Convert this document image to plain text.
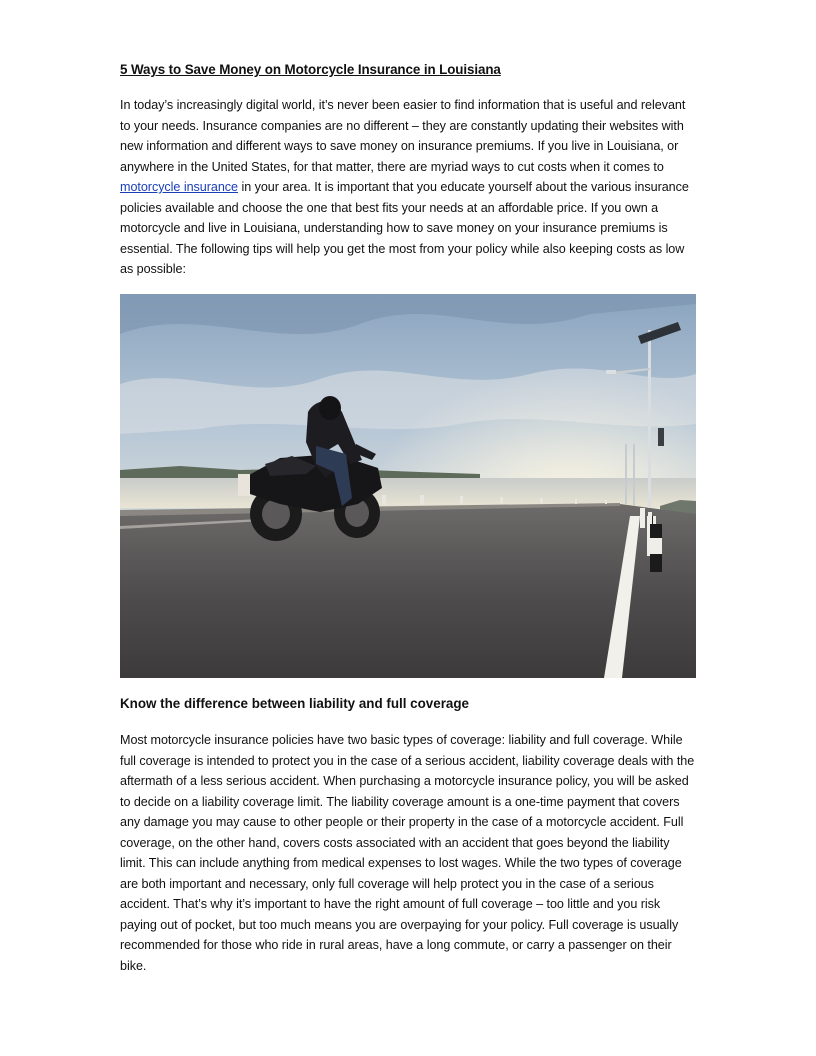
5 Ways to Save Money on Motorcycle Insurance in Louisiana

In today’s increasingly digital world, it’s never been easier to find information that is useful and relevant to your needs. Insurance companies are no different – they are constantly updating their websites with new information and different ways to save money on insurance premiums. If you live in Louisiana, or anywhere in the United States, for that matter, there are myriad ways to cut costs when it comes to motorcycle insurance in your area. It is important that you educate yourself about the various insurance policies available and choose the one that best fits your needs at an affordable price. If you own a motorcycle and live in Louisiana, understanding how to save money on your insurance premiums is essential. The following tips will help you get the most from your policy while also keeping costs as low as possible:

Know the difference between liability and full coverage

Most motorcycle insurance policies have two basic types of coverage: liability and full coverage. While full coverage is intended to protect you in the case of a serious accident, liability coverage deals with the aftermath of a less serious accident. When purchasing a motorcycle insurance policy, you will be asked to decide on a liability coverage limit. The liability coverage amount is a one-time payment that covers any damage you may cause to other people or their property in the case of a motorcycle accident. Full coverage, on the other hand, covers costs associated with an accident that goes beyond the liability limit. This can include anything from medical expenses to lost wages. While the two types of coverage are both important and necessary, only full coverage will help protect you in the case of a serious accident. That’s why it’s important to have the right amount of full coverage – too little and you risk paying out of pocket, but too much means you are overpaying for your policy. Full coverage is usually recommended for those who ride in rural areas, have a long commute, or carry a passenger on their bike.
